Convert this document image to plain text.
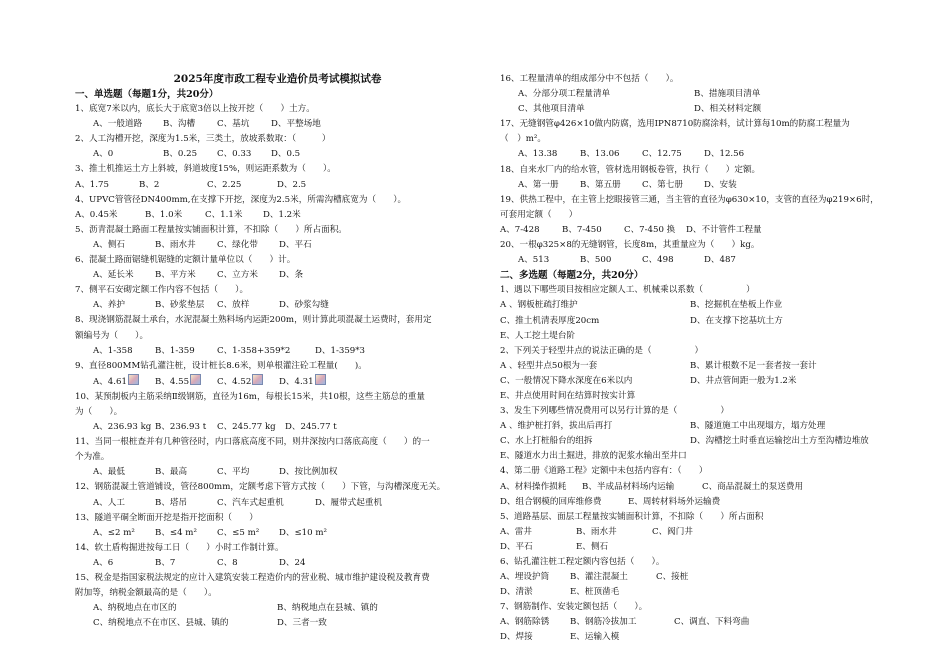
2025年度市政工程专业造价员考试模拟试卷

一、单选题（每题1分，共20分）

1、底宽7米以内，底长大于底宽3倍以上按开挖（　　）土方。

A、一般道路 B、沟槽	C、基坑	D、平整场地

2、人工沟槽开挖，深度为1.5米，三类土，放坡系数取：（　　　）

A、0	B、0.25 C、0.33 D、0.5

3、推土机推运土方上斜坡，斜道坡度15%，则运距系数为（　　）。

A、1.75	B、2	C、2.25	D、2.5

4、UPVC管管径DN400mm,在支撑下开挖，深度为2.5米，所需沟槽底宽为（　　）。

A、0.45米	B、1.0米	C、1.1米 D、1.2米

5、沥青混凝土路面工程量按实铺面积计算，不扣除（　　）所占面积。

A、侧石	B、雨水井 C、绿化带 D、平石

6、混凝土路面锯缝机锯缝的定额计量单位以（　　）计。

A、延长米 B、平方米 C、立方米 D、条

7、侧平石安砌定额工作内容不包括（　　）。

A、养护	B、砂浆垫层 C、放样	D、砂浆勾缝

8、现浇钢筋混凝土承台，水泥混凝土熟料场内运距200m，则计算此项混凝土运费时，套用定

额编号为（　　）。

A、1-358	B、1-359	C、1-358+359*2	D、1-359*3

9、直径800MM钻孔灌注桩，设计桩长8.6米，则单根灌注砼工程量(　　)。

A、4.61	B、4.55	C、4.52	D、4.31

10、某预制板内主筋采纳Ⅱ级钢筋，直径为16m，每根长15米，共10根，这些主筋总的重量

为（　　）。

A、236.93 kg B、236.93 t C、245.77 kg D、245.77 t

11、当同一根桩查并有几种管径时，内口落底高度不同，则井深按内口落底高度（　　）的一

个为准。

A、最低	B、最高	C、平均	D、按比例加权

12、钢筋混凝土管道铺设，管径800mm，定额考虑下管方式按（　　）下管，与沟槽深度无关。

A、人工	B、塔吊	C、汽车式起重机	D、履带式起重机

13、隧道平硐全断面开挖是指开挖面积（　　）

A、≤2 m² B、≤4 m² C、≤5 m² D、≤10 m²

14、软土盾构掘进按每工日（　　）小时工作制计算。

A、6	B、7	C、8	D、24

15、税金是指国家税法规定的应计入建筑安装工程造价内的营业税、城市维护建设税及教育费

附加等，纳税金额最高的是（　　）。

A、纳税地点在市区的	B、纳税地点在县城、镇的

C、纳税地点不在市区、县城、镇的	D、三者一致

16、工程量清单的组成部分中不包括（　　）。

A、分部分项工程量清单	B、措施项目清单

C、其他项目清单	D、相关材料定额

17、无缝钢管φ426×10做内防腐，选用IPN8710防腐涂料，试计算每10m的防腐工程量为

（　）m²。

A、13.38	B、13.06	C、12.75	D、12.56

18、自来水厂内的给水管，管材选用钢板卷管，执行（　　）定额。

A、第一册 B、第五册 C、第七册 D、安装

19、供热工程中，在主管上挖眼接管三通，当主管的直径为φ630×10，支管的直径为φ219×6时，

可套用定额（　　）

A、7-428	B、7-450	C、7-450 换 D、不计管件工程量

20、一根φ325×8的无缝钢管，长度8m，其重量应为（　　）kg。

A、513	B、500	C、498	D、487

二、多选题（每题2分，共20分）

1、遇以下哪些项目按相应定额人工、机械乘以系数（　　　　　）

A 、钢板桩疏打维护	B、挖掘机在垫板上作业

C、推土机清表厚度20cm	D、在支撑下挖基坑土方

E、人工挖土堤台阶

2、下列关于轻型井点的说法正确的是（　　　　　）

A 、轻型井点50根为一套	B、累计根数不足一套者按一套计

C、一般情况下降水深度在6米以内	D、井点管间距一般为1.2米

E、井点使用时间在结算时按实计算

3、发生下列哪些情况费用可以另行计算的是（　　　　　）

A 、维护桩打斜，拔出后再打	B、隧道施工中出现塌方，塌方处理

C、水上打桩船台的组拆	D、沟槽挖土时垂直运输挖出土方至沟槽边堆放

E、隧道水力出土掘进，排放的泥浆水输出至井口

4、第二册《道路工程》定额中未包括内容有：（　　）

A、材料操作损耗 B、半成品材料场内运输	C、商品混凝土的泵送费用

D、组合钢模的回库维修费	E、周转材料场外运输费

5、道路基层、面层工程量按实铺面积计算，不扣除（　　）所占面积

A、雷井	B、雨水井	C、阀门井

D、平石	E、侧石

6、钻孔灌注桩工程定额内容包括（　　）。

A、埋设护筒 B、灌注混凝土	C、接桩

D、清淤	E、桩顶凿毛

7、钢筋制作、安装定额包括（　　）。

A、钢筋除锈 B、钢筋冷拔加工	C、调直、下料弯曲

D、焊接	E、运输入模
